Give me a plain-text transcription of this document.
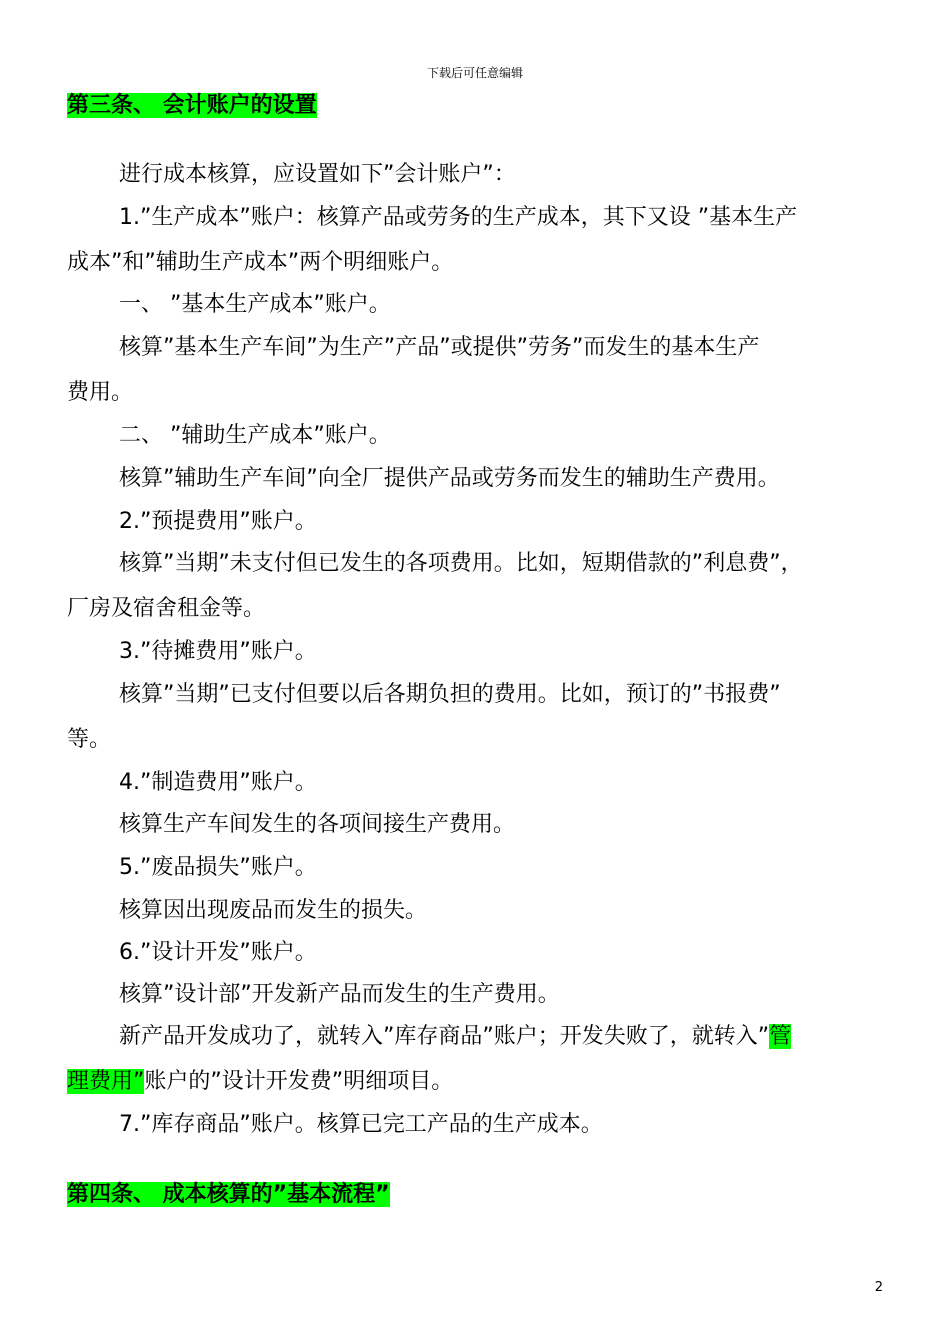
下载后可任意编辑
第三条、 会计账户的设置
进行成本核算，应设置如下”会计账户”：
1.”生产成本”账户：核算产品或劳务的生产成本，其下又设 ”基本生产
成本”和”辅助生产成本”两个明细账户。
一、 ”基本生产成本”账户。
核算”基本生产车间”为生产”产品”或提供”劳务”而发生的基本生产
费用。
二、 ”辅助生产成本”账户。
核算”辅助生产车间”向全厂提供产品或劳务而发生的辅助生产费用。
2.”预提费用”账户。
核算”当期”未支付但已发生的各项费用。比如，短期借款的”利息费”，
厂房及宿舍租金等。
3.”待摊费用”账户。
核算”当期”已支付但要以后各期负担的费用。比如，预订的”书报费”
等。
4.”制造费用”账户。
核算生产车间发生的各项间接生产费用。
5.”废品损失”账户。
核算因出现废品而发生的损失。
6.”设计开发”账户。
核算”设计部”开发新产品而发生的生产费用。
新产品开发成功了，就转入”库存商品”账户；开发失败了，就转入”管
理费用”账户的”设计开发费”明细项目。
7.”库存商品”账户。核算已完工产品的生产成本。
第四条、 成本核算的”基本流程”
2
